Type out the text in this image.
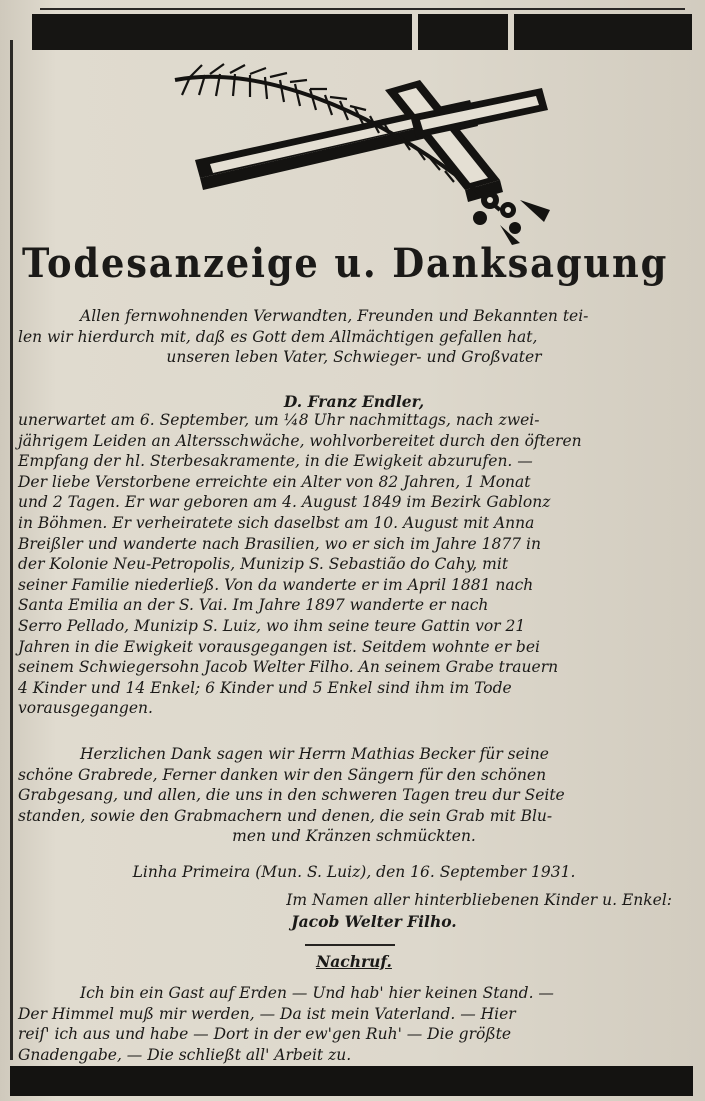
Todesanzeige u. Danksagung

Allen fernwohnenden Verwandten, Freunden und Bekannten tei-

len wir hierdurch mit, daß es Gott dem Allmächtigen gefallen hat,

unseren leben Vater, Schwieger- und Großvater

D. Franz Endler,

unerwartet am 6. September, um ¼8 Uhr nachmittags, nach zwei-

jährigem Leiden an Altersschwäche, wohlvorbereitet durch den öfteren

Empfang der hl. Sterbesakramente, in die Ewigkeit abzurufen. —

Der liebe Verstorbene erreichte ein Alter von 82 Jahren, 1 Monat

und 2 Tagen. Er war geboren am 4. August 1849 im Bezirk Gablonz

in Böhmen. Er verheiratete sich daselbst am 10. August mit Anna

Breißler und wanderte nach Brasilien, wo er sich im Jahre 1877 in

der Kolonie Neu-Petropolis, Munizip S. Sebastião do Cahy, mit

seiner Familie niederließ. Von da wanderte er im April 1881 nach

Santa Emilia an der S. Vai. Im Jahre 1897 wanderte er nach

Serro Pellado, Munizip S. Luiz, wo ihm seine teure Gattin vor 21

Jahren in die Ewigkeit vorausgegangen ist. Seitdem wohnte er bei

seinem Schwiegersohn Jacob Welter Filho. An seinem Grabe trauern

4 Kinder und 14 Enkel; 6 Kinder und 5 Enkel sind ihm im Tode

vorausgegangen.

Herzlichen Dank sagen wir Herrn Mathias Becker für seine

schöne Grabrede, Ferner danken wir den Sängern für den schönen

Grabgesang, und allen, die uns in den schweren Tagen treu dur Seite

standen, sowie den Grabmachern und denen, die sein Grab mit Blu-

men und Kränzen schmückten.

Linha Primeira (Mun. S. Luiz), den 16. September 1931.

Im Namen aller hinterbliebenen Kinder u. Enkel:

Jacob Welter Filho.

Nachruf.

Ich bin ein Gast auf Erden — Und hab' hier keinen Stand. —

Der Himmel muß mir werden, — Da ist mein Vaterland. — Hier

reiſ' ich aus und habe — Dort in der ew'gen Ruh' — Die größte

Gnadengabe, — Die schließt all' Arbeit zu.
